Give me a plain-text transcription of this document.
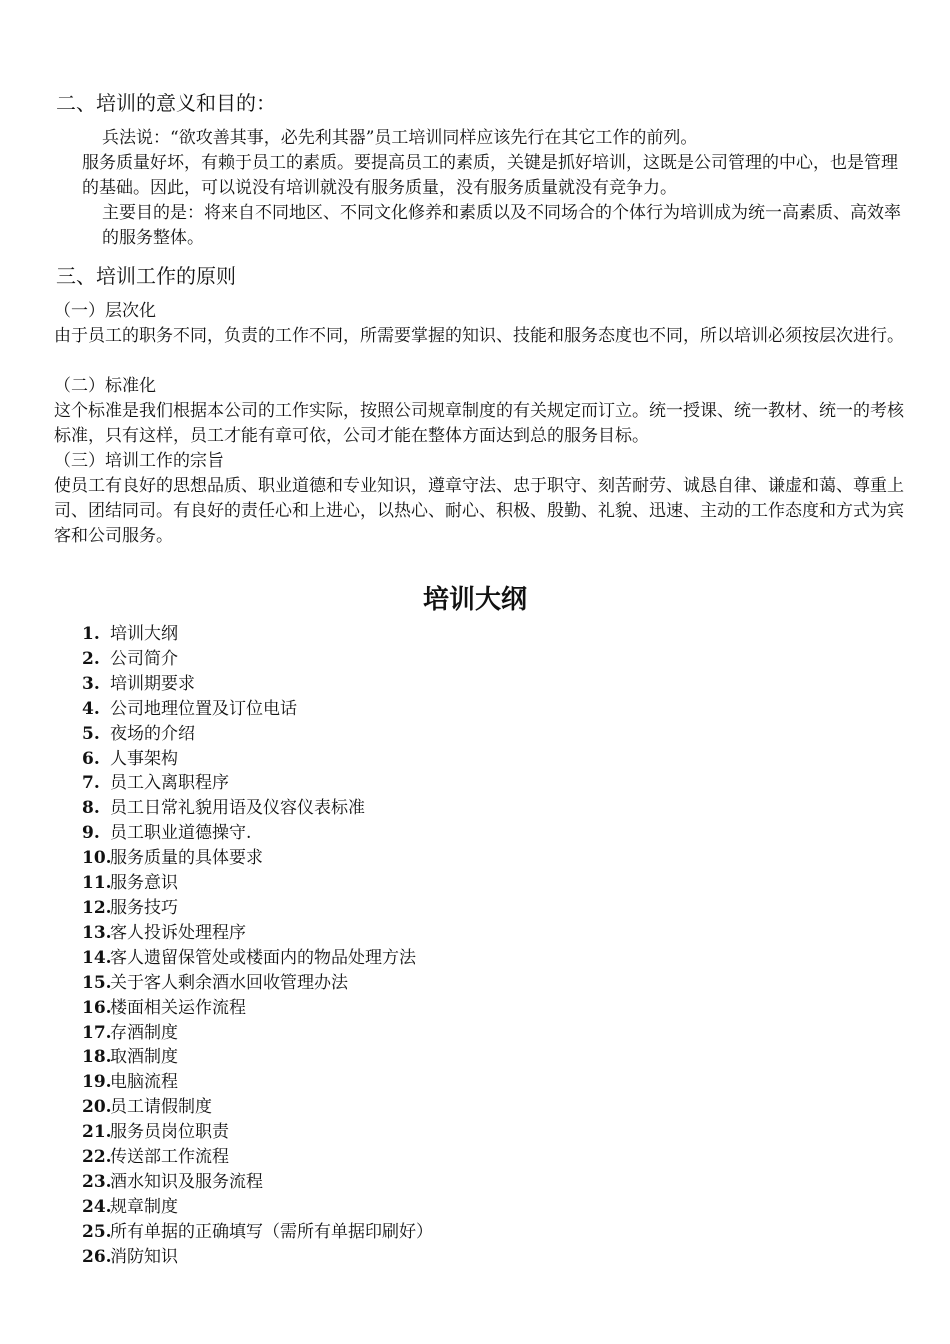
二、培训的意义和目的：
兵法说：“欲攻善其事，必先利其器”员工培训同样应该先行在其它工作的前列。
服务质量好坏，有赖于员工的素质。要提高员工的素质，关键是抓好培训，这既是公司管理的中心，也是管理的基础。因此，可以说没有培训就没有服务质量，没有服务质量就没有竞争力。
主要目的是：将来自不同地区、不同文化修养和素质以及不同场合的个体行为培训成为统一高素质、高效率的服务整体。
三、培训工作的原则
（一）层次化
由于员工的职务不同，负责的工作不同，所需要掌握的知识、技能和服务态度也不同，所以培训必须按层次进行。
（二）标准化
这个标准是我们根据本公司的工作实际，按照公司规章制度的有关规定而订立。统一授课、统一教材、统一的考核标准，只有这样，员工才能有章可依，公司才能在整体方面达到总的服务目标。
（三）培训工作的宗旨
使员工有良好的思想品质、职业道德和专业知识，遵章守法、忠于职守、刻苦耐劳、诚恳自律、谦虚和蔼、尊重上司、团结同司。有良好的责任心和上进心，以热心、耐心、积极、殷勤、礼貌、迅速、主动的工作态度和方式为宾客和公司服务。
培训大纲
1. 培训大纲
2. 公司简介
3. 培训期要求
4. 公司地理位置及订位电话
5. 夜场的介绍
6. 人事架构
7. 员工入离职程序
8. 员工日常礼貌用语及仪容仪表标准
9. 员工职业道德操守.
10.服务质量的具体要求
11.服务意识
12.服务技巧
13.客人投诉处理程序
14.客人遗留保管处或楼面内的物品处理方法
15.关于客人剩余酒水回收管理办法
16.楼面相关运作流程
17.存酒制度
18.取酒制度
19.电脑流程
20.员工请假制度
21.服务员岗位职责
22.传送部工作流程
23.酒水知识及服务流程
24.规章制度
25.所有单据的正确填写（需所有单据印刷好）
26.消防知识
